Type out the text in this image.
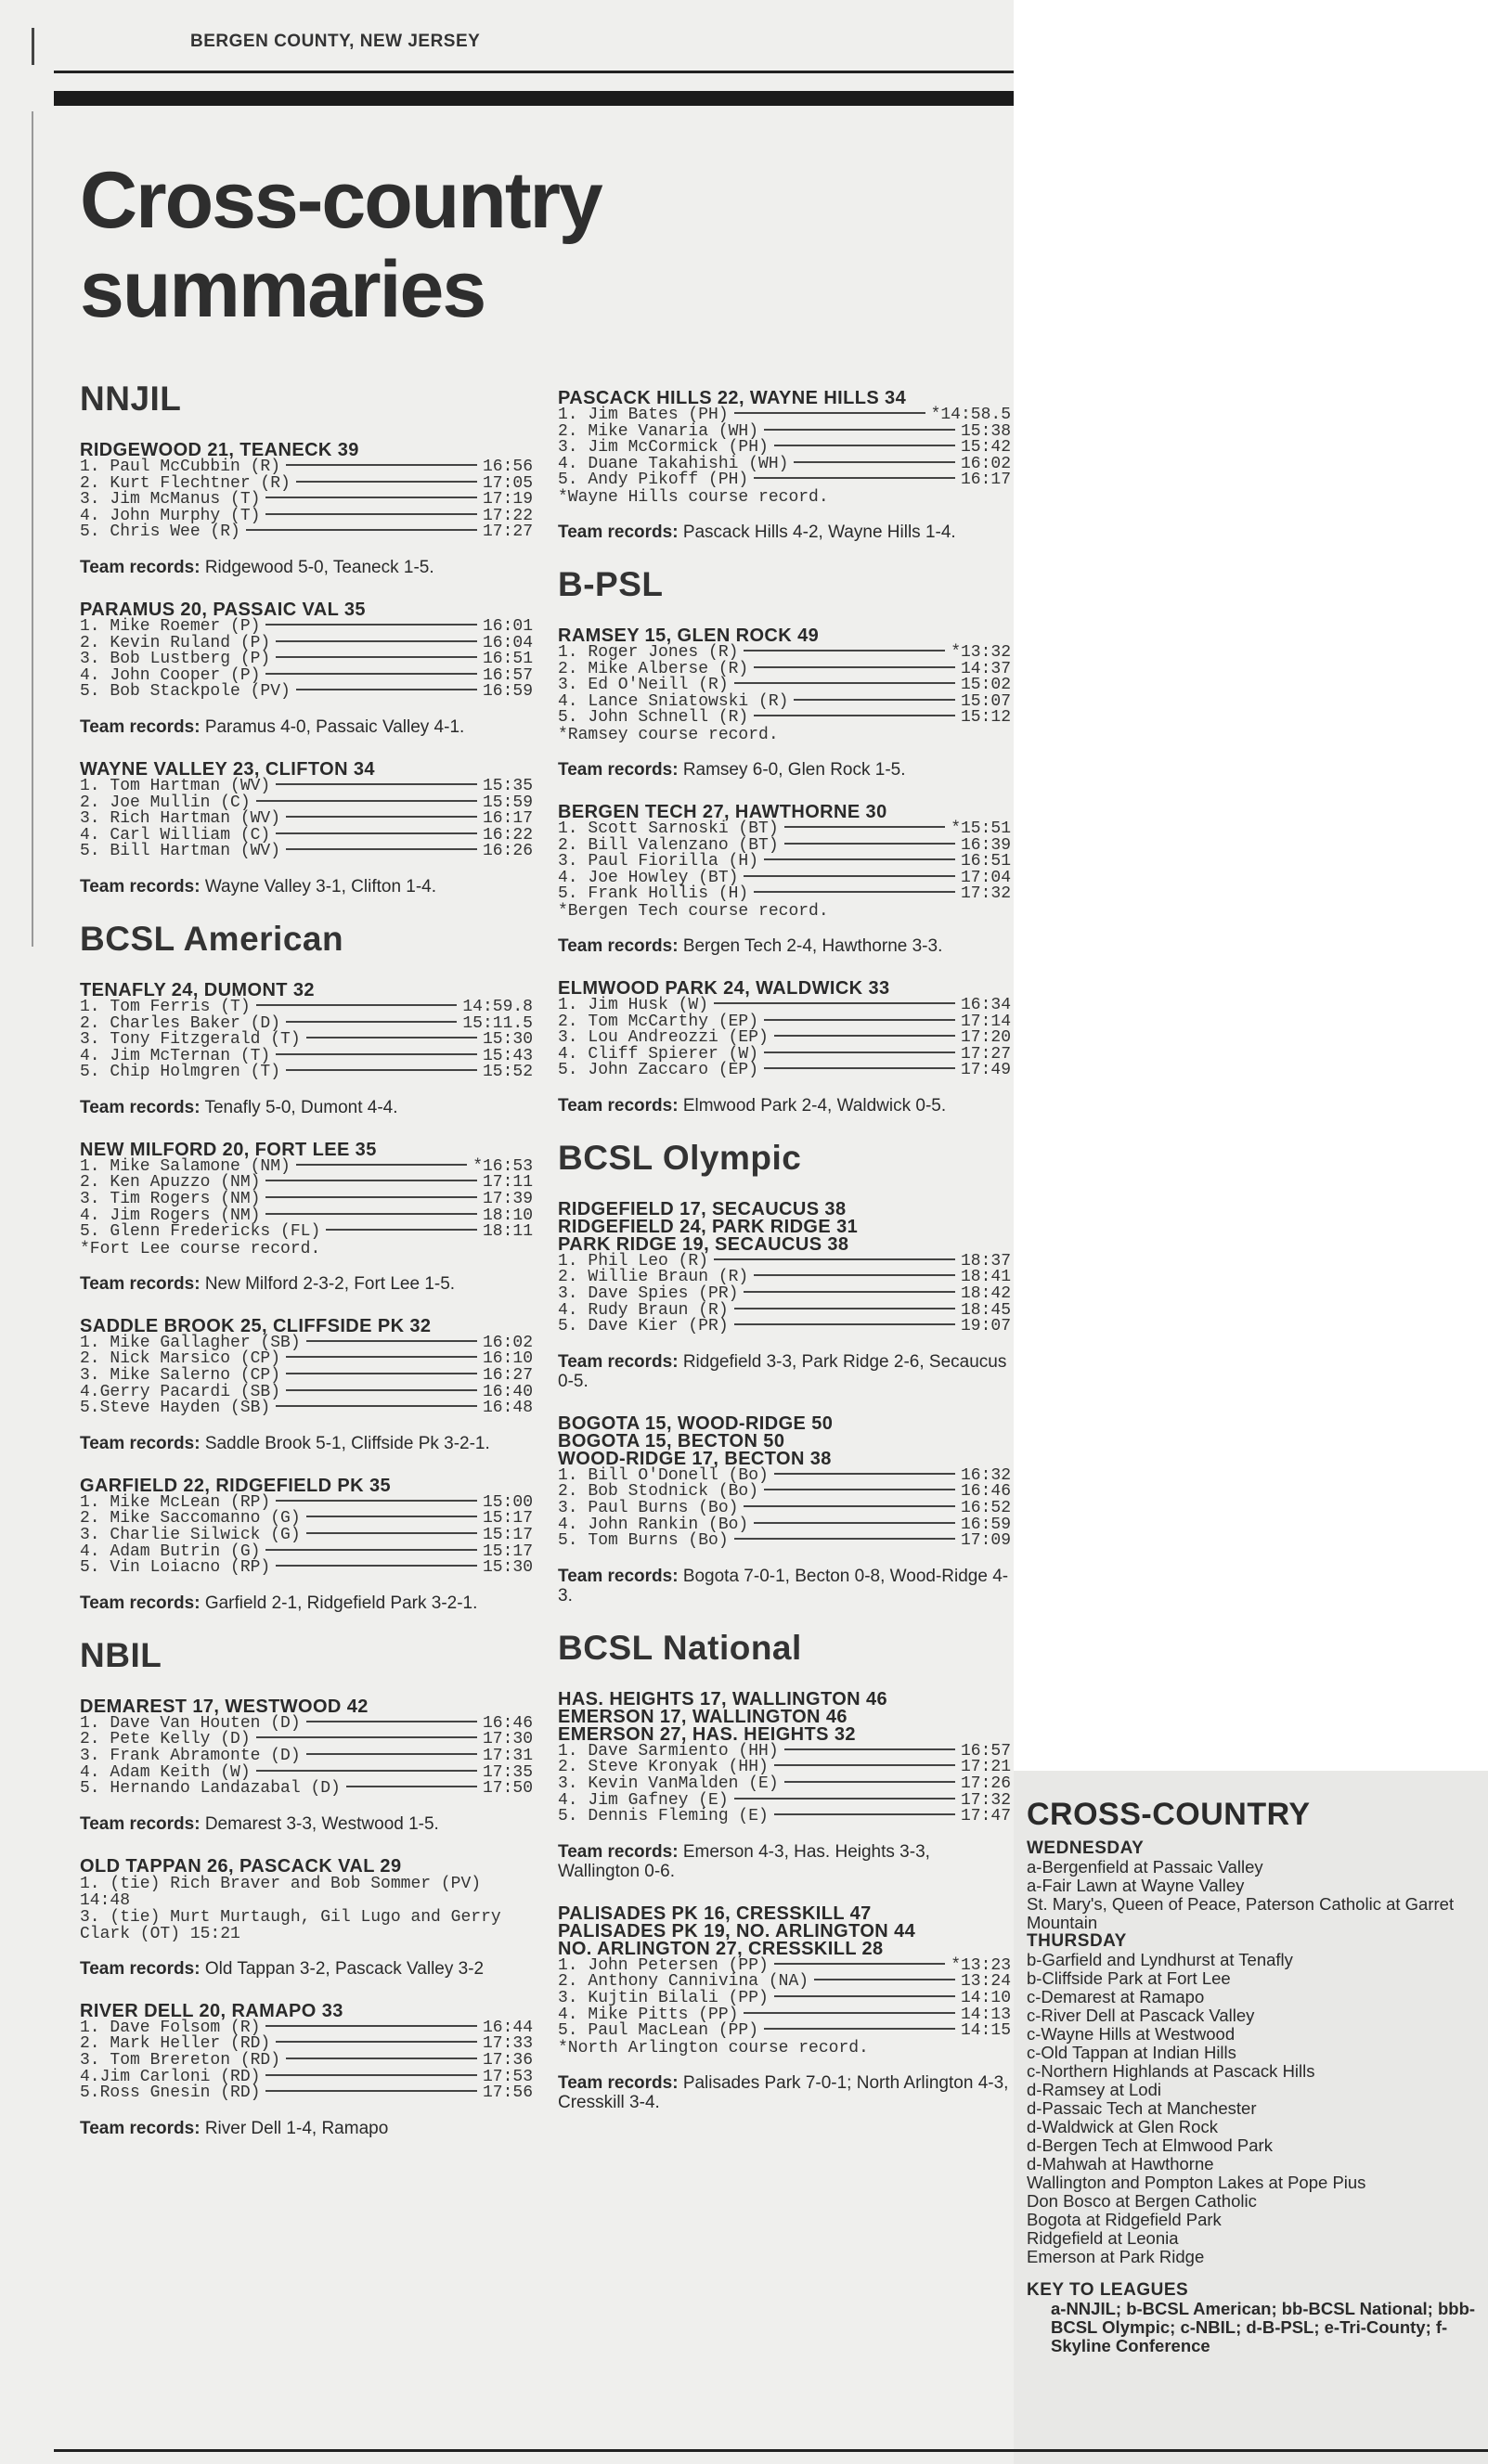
BERGEN COUNTY, NEW JERSEY
Cross-country
summaries
NNJIL
RIDGEWOOD 21, TEANECK 39
1. Paul McCubbin (R)	16:56
2. Kurt Flechtner (R)	17:05
3. Jim McManus (T)	17:19
4. John Murphy (T)	17:22
5. Chris Wee (R)	17:27
Team records: Ridgewood 5-0, Teaneck 1-5.
PARAMUS 20, PASSAIC VAL 35
1. Mike Roemer (P)	16:01
2. Kevin Ruland (P)	16:04
3. Bob Lustberg (P)	16:51
4. John Cooper (P)	16:57
5. Bob Stackpole (PV)	16:59
Team records: Paramus 4-0, Passaic Valley 4-1.
WAYNE VALLEY 23, CLIFTON 34
1. Tom Hartman (WV)	15:35
2. Joe Mullin (C)	15:59
3. Rich Hartman (WV)	16:17
4. Carl William (C)	16:22
5. Bill Hartman (WV)	16:26
Team records: Wayne Valley 3-1, Clifton 1-4.
BCSL American
TENAFLY 24, DUMONT 32
1. Tom Ferris (T)	14:59.8
2. Charles Baker (D)	15:11.5
3. Tony Fitzgerald (T)	15:30
4. Jim McTernan (T)	15:43
5. Chip Holmgren (T)	15:52
Team records: Tenafly 5-0, Dumont 4-4.
NEW MILFORD 20, FORT LEE 35
1. Mike Salamone (NM)	*16:53
2. Ken Apuzzo (NM)	17:11
3. Tim Rogers (NM)	17:39
4. Jim Rogers (NM)	18:10
5. Glenn Fredericks (FL)	18:11
*Fort Lee course record.
Team records: New Milford 2-3-2, Fort Lee 1-5.
SADDLE BROOK 25, CLIFFSIDE PK 32
1. Mike Gallagher (SB)	16:02
2. Nick Marsico (CP)	16:10
3. Mike Salerno (CP)	16:27
4.Gerry Pacardi (SB)	16:40
5.Steve Hayden (SB)	16:48
Team records: Saddle Brook 5-1, Cliffside Pk 3-2-1.
GARFIELD 22, RIDGEFIELD PK 35
1. Mike McLean (RP)	15:00
2. Mike Saccomanno (G)	15:17
3. Charlie Silwick (G)	15:17
4. Adam Butrin (G)	15:17
5. Vin Loiacno (RP)	15:30
Team records: Garfield 2-1, Ridgefield Park 3-2-1.
NBIL
DEMAREST 17, WESTWOOD 42
1. Dave Van Houten (D)	16:46
2. Pete Kelly (D)	17:30
3. Frank Abramonte (D)	17:31
4. Adam Keith (W)	17:35
5. Hernando Landazabal (D)	17:50
Team records: Demarest 3-3, Westwood 1-5.
OLD TAPPAN 26, PASCACK VAL 29
1. (tie) Rich Braver and Bob Sommer (PV) 14:48
3. (tie) Murt Murtaugh, Gil Lugo and Gerry Clark (OT) 15:21
Team records: Old Tappan 3-2, Pascack Valley 3-2
RIVER DELL 20, RAMAPO 33
1. Dave Folsom (R)	16:44
2. Mark Heller (RD)	17:33
3. Tom Brereton (RD)	17:36
4.Jim Carloni (RD)	17:53
5.Ross Gnesin (RD)	17:56
Team records: River Dell 1-4, Ramapo
PASCACK HILLS 22, WAYNE HILLS 34
1. Jim Bates (PH)	*14:58.5
2. Mike Vanaria (WH)	15:38
3. Jim McCormick (PH)	15:42
4. Duane Takahishi (WH)	16:02
5. Andy Pikoff (PH)	16:17
*Wayne Hills course record.
Team records: Pascack Hills 4-2, Wayne Hills 1-4.
B-PSL
RAMSEY 15, GLEN ROCK 49
1. Roger Jones (R)	*13:32
2. Mike Alberse (R)	14:37
3. Ed O'Neill (R)	15:02
4. Lance Sniatowski (R)	15:07
5. John Schnell (R)	15:12
*Ramsey course record.
Team records: Ramsey 6-0, Glen Rock 1-5.
BERGEN TECH 27, HAWTHORNE 30
1. Scott Sarnoski (BT)	*15:51
2. Bill Valenzano (BT)	16:39
3. Paul Fiorilla (H)	16:51
4. Joe Howley (BT)	17:04
5. Frank Hollis (H)	17:32
*Bergen Tech course record.
Team records: Bergen Tech 2-4, Hawthorne 3-3.
ELMWOOD PARK 24, WALDWICK 33
1. Jim Husk (W)	16:34
2. Tom McCarthy (EP)	17:14
3. Lou Andreozzi (EP)	17:20
4. Cliff Spierer (W)	17:27
5. John Zaccaro (EP)	17:49
Team records: Elmwood Park 2-4, Waldwick 0-5.
BCSL Olympic
RIDGEFIELD 17, SECAUCUS 38
RIDGEFIELD 24, PARK RIDGE 31
PARK RIDGE 19, SECAUCUS 38
1. Phil Leo (R)	18:37
2. Willie Braun (R)	18:41
3. Dave Spies (PR)	18:42
4. Rudy Braun (R)	18:45
5. Dave Kier (PR)	19:07
Team records: Ridgefield 3-3, Park Ridge 2-6, Secaucus 0-5.
BOGOTA 15, WOOD-RIDGE 50
BOGOTA 15, BECTON 50
WOOD-RIDGE 17, BECTON 38
1. Bill O'Donell (Bo)	16:32
2. Bob Stodnick (Bo)	16:46
3. Paul Burns (Bo)	16:52
4. John Rankin (Bo)	16:59
5. Tom Burns (Bo)	17:09
Team records: Bogota 7-0-1, Becton 0-8, Wood-Ridge 4-3.
BCSL National
HAS. HEIGHTS 17, WALLINGTON 46
EMERSON 17, WALLINGTON 46
EMERSON 27, HAS. HEIGHTS 32
1. Dave Sarmiento (HH)	16:57
2. Steve Kronyak (HH)	17:21
3. Kevin VanMalden (E)	17:26
4. Jim Gafney (E)	17:32
5. Dennis Fleming (E)	17:47
Team records: Emerson 4-3, Has. Heights 3-3, Wallington 0-6.
PALISADES PK 16, CRESSKILL 47
PALISADES PK 19, NO. ARLINGTON 44
NO. ARLINGTON 27, CRESSKILL 28
1. John Petersen (PP)	*13:23
2. Anthony Cannivina (NA)	13:24
3. Kujtin Bilali (PP)	14:10
4. Mike Pitts (PP)	14:13
5. Paul MacLean (PP)	14:15
*North Arlington course record.
Team records: Palisades Park 7-0-1; North Arlington 4-3, Cresskill 3-4.
CROSS-COUNTRY
WEDNESDAY
a-Bergenfield at Passaic Valley
a-Fair Lawn at Wayne Valley
St. Mary's, Queen of Peace, Paterson Catholic at Garret Mountain
THURSDAY
b-Garfield and Lyndhurst at Tenafly
b-Cliffside Park at Fort Lee
c-Demarest at Ramapo
c-River Dell at Pascack Valley
c-Wayne Hills at Westwood
c-Old Tappan at Indian Hills
c-Northern Highlands at Pascack Hills
d-Ramsey at Lodi
d-Passaic Tech at Manchester
d-Waldwick at Glen Rock
d-Bergen Tech at Elmwood Park
d-Mahwah at Hawthorne
Wallington and Pompton Lakes at Pope Pius
Don Bosco at Bergen Catholic
Bogota at Ridgefield Park
Ridgefield at Leonia
Emerson at Park Ridge
KEY TO LEAGUES
a-NNJIL; b-BCSL American; bb-BCSL National; bbb-BCSL Olympic; c-NBIL; d-B-PSL; e-Tri-County; f-Skyline Conference
